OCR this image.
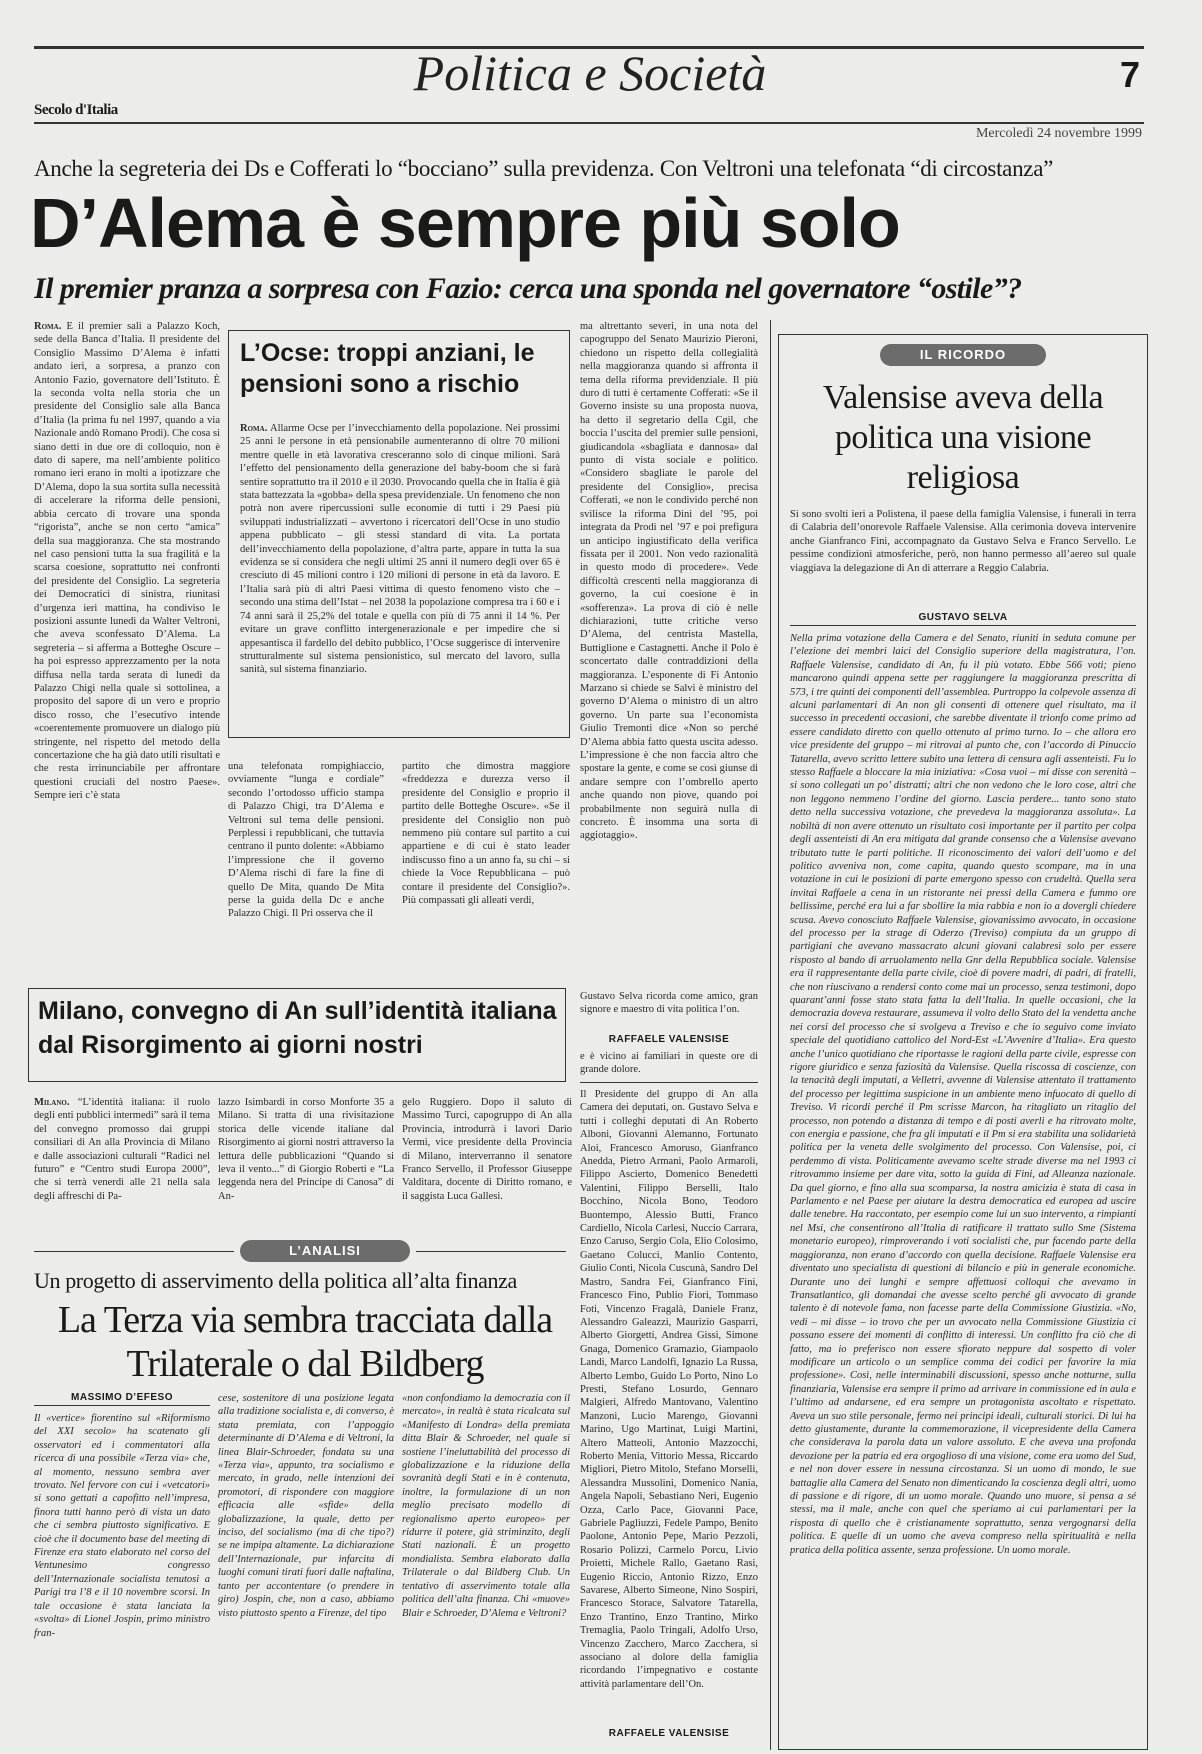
Secolo d'Italia
Politica e Società	7
Mercoledì 24 novembre 1999
Anche la segreteria dei Ds e Cofferati lo “bocciano” sulla previdenza. Con Veltroni una telefonata “di circostanza”
D’Alema è sempre più solo
Il premier pranza a sorpresa con Fazio: cerca una sponda nel governatore “ostile”?
Roma. E il premier sali a Palazzo Koch, sede della Banca d’Italia. Il presidente del Consiglio Massimo D’Alema è infatti andato ieri, a sorpresa, a pranzo con Antonio Fazio, governatore dell’Istituto. È la seconda volta nella storia che un presidente del Consiglio sale alla Banca d’Italia (la prima fu nel 1997, quando a via Nazionale andò Romano Prodi). Che cosa si siano detti in due ore di colloquio, non è dato di sapere, ma nell’ambiente politico romano ieri erano in molti a ipotizzare che D’Alema, dopo la sua sortita sulla necessità di accelerare la riforma delle pensioni, abbia cercato di trovare una sponda “rigorista”, anche se non certo “amica” della sua maggioranza. Che sta mostrando nel caso pensioni tutta la sua fragilità e la scarsa coesione, soprattutto nei confronti del presidente del Consiglio. La segreteria dei Democratici di sinistra, riunitasi d’urgenza ieri mattina, ha condiviso le posizioni assunte lunedì da Walter Veltroni, che aveva sconfessato D’Alema. La segreteria – si afferma a Botteghe Oscure – ha poi espresso apprezzamento per la nota diffusa nella tarda serata di lunedì da Palazzo Chigi nella quale si sottolinea, a proposito del sapore di un vero e proprio disco rosso, che l’esecutivo intende «coerentemente promuovere un dialogo più stringente, nel rispetto del metodo della concertazione che ha già dato utili risultati e che resta irrinunciabile per affrontare questioni cruciali del nostro Paese». Sempre ieri c’è stata
L’Ocse: troppi anziani, le pensioni sono a rischio
Roma. Allarme Ocse per l’invecchiamento della popolazione. Nei prossimi 25 anni le persone in età pensionabile aumenteranno di oltre 70 milioni mentre quelle in età lavorativa cresceranno solo di cinque milioni. Sarà l’effetto del pensionamento della generazione del baby-boom che si farà sentire soprattutto tra il 2010 e il 2030. Provocando quella che in Italia è già stata battezzata la «gobba» della spesa previdenziale. Un fenomeno che non potrà non avere ripercussioni sulle economie di tutti i 29 Paesi più sviluppati industrializzati – avvertono i ricercatori dell’Ocse in uno studio appena pubblicato – gli stessi standard di vita. La portata dell’invecchiamento della popolazione, d’altra parte, appare in tutta la sua evidenza se si considera che negli ultimi 25 anni il numero degli over 65 è cresciuto di 45 milioni contro i 120 milioni di persone in età da lavoro. E l’Italia sarà più di altri Paesi vittima di questo fenomeno visto che – secondo una stima dell’Istat – nel 2038 la popolazione compresa tra i 60 e i 74 anni sarà il 25,2% del totale e quella con più di 75 anni il 14 %. Per evitare un grave conflitto intergenerazionale e per impedire che si appesantisca il fardello del debito pubblico, l’Ocse suggerisce di intervenire strutturalmente sul sistema pensionistico, sul mercato del lavoro, sulla sanità, sul sistema finanziario.
una telefonata rompighiaccio, ovviamente “lunga e cordiale” secondo l’ortodosso ufficio stampa di Palazzo Chigi, tra D’Alema e Veltroni sul tema delle pensioni. Perplessi i repubblicani, che tuttavia centrano il punto dolente: «Abbiamo l’impressione che il governo D’Alema rischi di fare la fine di quello De Mita, quando De Mita perse la guida della Dc e anche Palazzo Chigi. Il Pri osserva che il
partito che dimostra maggiore «freddezza e durezza verso il presidente del Consiglio e proprio il partito delle Botteghe Oscure». «Se il presidente del Consiglio non può nemmeno più contare sul partito a cui appartiene e di cui è stato leader indiscusso fino a un anno fa, su chi – si chiede la Voce Repubblicana – può contare il presidente del Consiglio?». Più compassati gli alleati verdi,
ma altrettanto severi, in una nota del capogruppo del Senato Maurizio Pieroni, chiedono un rispetto della collegialità nella maggioranza quando si affronta il tema della riforma previdenziale. Il più duro di tutti è certamente Cofferati: «Se il Governo insiste su una proposta nuova, ha detto il segretario della Cgil, che boccia l’uscita del premier sulle pensioni, giudicandola «sbagliata e dannosa» dal punto di vista sociale e politico. «Considero sbagliate le parole del presidente del Consiglio», precisa Cofferati, «e non le condivido perché non svilisce la riforma Dini del ’95, poi integrata da Prodi nel ’97 e poi prefigura un anticipo ingiustificato della verifica fissata per il 2001. Non vedo razionalità in questo modo di procedere». Vede difficoltà crescenti nella maggioranza di governo, la cui coesione è in «sofferenza». La prova di ciò è nelle dichiarazioni, tutte critiche verso D’Alema, del centrista Mastella, Buttiglione e Castagnetti. Anche il Polo è sconcertato dalle contraddizioni della maggioranza. L’esponente di Fi Antonio Marzano si chiede se Salvi è ministro del governo D’Alema o ministro di un altro governo. Un parte sua l’economista Giulio Tremonti dice «Non so perché D’Alema abbia fatto questa uscita adesso. L’impressione è che non faccia altro che spostare la gente, e come se così giunse di andare sempre con l’ombrello aperto anche quando non piove, quando poi probabilmente non seguirà nulla di concreto. È insomma una sorta di aggiotaggio».
Milano, convegno di An sull’identità italiana dal Risorgimento ai giorni nostri
Milano. “L’identità italiana: il ruolo degli enti pubblici intermedi” sarà il tema del convegno promosso dai gruppi consiliari di An alla Provincia di Milano e dalle associazioni culturali “Radici nel futuro” e “Centro studi Europa 2000”, che si terrà venerdì alle 21 nella sala degli affreschi di Pa-
lazzo Isimbardi in corso Monforte 35 a Milano. Si tratta di una rivisitazione storica delle vicende italiane dal Risorgimento ai giorni nostri attraverso la lettura delle pubblicazioni “Quando si leva il vento...” di Giorgio Roberti e “La leggenda nera del Principe di Canosa” di An-
gelo Ruggiero. Dopo il saluto di Massimo Turci, capogruppo di An alla Provincia, introdurrà i lavori Dario Vermi, vice presidente della Provincia di Milano, interverranno il senatore Franco Servello, il Professor Giuseppe Valditara, docente di Diritto romano, e il saggista Luca Gallesi.
L’ANALISI
Un progetto di asservimento della politica all’alta finanza
La Terza via sembra tracciata dalla Trilaterale o dal Bildberg
MASSIMO D’EFESO
Il «vertice» fiorentino sul «Riformismo del XXI secolo» ha scatenato gli osservatori ed i commentatori alla ricerca di una possibile «Terza via» che, al momento, nessuno sembra aver trovato. Nel fervore con cui i «vetcatori» si sono gettati a capofitto nell’impresa, finora tutti hanno però di vista un dato che ci sembra piuttosto significativo. E cioè che il documento base del meeting di Firenze era stato elaborato nel corso del Ventunesimo congresso dell’Internazionale socialista tenutosi a Parigi tra l’8 e il 10 novembre scorsi. In tale occasione è stata lanciata la «svolta» di Lionel Jospin, primo ministro fran-
cese, sostenitore di una posizione legata alla tradizione socialista e, di converso, è stata premiata, con l’appoggio determinante di D’Alema e di Veltroni, la linea Blair-Schroeder, fondata su una «Terza via», appunto, tra socialismo e mercato, in grado, nelle intenzioni dei promotori, di rispondere con maggiore efficacia alle «sfide» della globalizzazione, la quale, detto per inciso, del socialismo (ma di che tipo?) se ne impipa altamente. La dichiarazione dell’Internazionale, pur infarcita di luoghi comuni tirati fuori dalle naftalina, tanto per accontentare (o prendere in giro) Jospin, che, non a caso, abbiamo visto piuttosto spento a Firenze, del tipo
«non confondiamo la democrazia con il mercato», in realtà è stata ricalcata sul «Manifesto di Londra» della premiata ditta Blair & Schroeder, nel quale si sostiene l’ineluttabilità del processo di globalizzazione e la riduzione della sovranità degli Stati e in è contenuta, inoltre, la formulazione di un non meglio precisato modello di regionalismo aperto europeo» per ridurre il potere, già striminzito, degli Stati nazionali. È un progetto mondialista. Sembra elaborato dalla Trilaterale o dal Bildberg Club. Un tentativo di asservimento totale alla politica dell’alta finanza. Chi «muove» Blair e Schroeder, D’Alema e Veltroni?
Gustavo Selva ricorda come amico, gran signore e maestro di vita politica l’on.
RAFFAELE VALENSISE
e è vicino ai familiari in queste ore di grande dolore.
Il Presidente del gruppo di An alla Camera dei deputati, on. Gustavo Selva e tutti i colleghi deputati di An Roberto Alboni, Giovanni Alemanno, Fortunato Aloi, Francesco Amoruso, Gianfranco Anedda, Pietro Armani, Paolo Armaroli, Filippo Ascierto, Domenico Benedetti Valentini, Filippo Berselli, Italo Bocchino, Nicola Bono, Teodoro Buontempo, Alessio Butti, Franco Cardiello, Nicola Carlesi, Nuccio Carrara, Enzo Caruso, Sergio Cola, Elio Colosimo, Gaetano Colucci, Manlio Contento, Giulio Conti, Nicola Cuscunà, Sandro Del Mastro, Sandra Fei, Gianfranco Fini, Francesco Fino, Publio Fiori, Tommaso Foti, Vincenzo Fragalà, Daniele Franz, Alessandro Galeazzi, Maurizio Gasparri, Alberto Giorgetti, Andrea Gissi, Simone Gnaga, Domenico Gramazio, Giampaolo Landi, Marco Landolfi, Ignazio La Russa, Alberto Lembo, Guido Lo Porto, Nino Lo Presti, Stefano Losurdo, Gennaro Malgieri, Alfredo Mantovano, Valentino Manzoni, Lucio Marengo, Giovanni Marino, Ugo Martinat, Luigi Martini, Altero Matteoli, Antonio Mazzocchi, Roberto Menia, Vittorio Messa, Riccardo Migliori, Pietro Mitolo, Stefano Morselli, Alessandra Mussolini, Domenico Nania, Angela Napoli, Sebastiano Neri, Eugenio Ozza, Carlo Pace, Giovanni Pace, Gabriele Pagliuzzi, Fedele Pampo, Benito Paolone, Antonio Pepe, Mario Pezzoli, Rosario Polizzi, Carmelo Porcu, Livio Proietti, Michele Rallo, Gaetano Rasi, Eugenio Riccio, Antonio Rizzo, Enzo Savarese, Alberto Simeone, Nino Sospiri, Francesco Storace, Salvatore Tatarella, Enzo Trantino, Enzo Trantino, Mirko Tremaglia, Paolo Tringali, Adolfo Urso, Vincenzo Zacchero, Marco Zacchera, si associano al dolore della famiglia ricordando l’impegnativo e costante attività parlamentare dell’On.
RAFFAELE VALENSISE
IL RICORDO
Valensise aveva della politica una visione religiosa
Si sono svolti ieri a Polistena, il paese della famiglia Valensise, i funerali in terra di Calabria dell’onorevole Raffaele Valensise. Alla cerimonia doveva intervenire anche Gianfranco Fini, accompagnato da Gustavo Selva e Franco Servello. Le pessime condizioni atmosferiche, però, non hanno permesso all’aereo sul quale viaggiava la delegazione di An di atterrare a Reggio Calabria.
GUSTAVO SELVA
Nella prima votazione della Camera e del Senato, riuniti in seduta comune per l’elezione dei membri laici del Consiglio superiore della magistratura, l’on. Raffaele Valensise, candidato di An, fu il più votato. Ebbe 566 voti; pieno mancarono quindi appena sette per raggiungere la maggioranza prescritta di 573, i tre quinti dei componenti dell’assemblea. Purtroppo la colpevole assenza di alcuni parlamentari di An non gli consentì di ottenere quel risultato, ma il successo in precedenti occasioni, che sarebbe diventate il trionfo come primo ad essere candidato diretto con quello ottenuto al primo turno. Io – che allora ero vice presidente del gruppo – mi ritrovai al punto che, con l’accordo di Pinuccio Tatarella, avevo scritto lettere subito una lettera di censura agli assenteisti. Fu lo stesso Raffaele a bloccare la mia iniziativa: «Cosa vuoi – mi disse con serenità – si sono collegati un po’ distratti; altri che non vedono che le loro cose, altri che non leggono nemmeno l’ordine del giorno. Lascia perdere... tanto sono stato detto nella successiva votazione, che prevedeva la maggioranza assoluta». La nobiltà di non avere ottenuto un risultato così importante per il partito per colpa degli assenteisti di An era mitigata dal grande consenso che a Valensise avevano tributato tutte le parti politiche. Il riconoscimento dei valori dell’uomo e del politico avveniva non, come capita, quando questo scompare, ma in una votazione in cui le posizioni di parte emergono spesso con crudeltà. Quella sera invitai Raffaele a cena in un ristorante nei pressi della Camera e fummo ore bellissime, perché era lui a far sbollire la mia rabbia e non io a dovergli chiedere scusa. Avevo conosciuto Raffaele Valensise, giovanissimo avvocato, in occasione del processo per la strage di Oderzo (Treviso) compiuta da un gruppo di partigiani che avevano massacrato alcuni giovani calabresi solo per essere risposto al bando di arruolamento nella Gnr della Repubblica sociale. Valensise era il rappresentante della parte civile, cioè di povere madri, di padri, di fratelli, che non riuscivano a rendersi conto come mai un processo, senza testimoni, dopo quarant’anni fosse stato stata fatta la dell’Italia. In quelle occasioni, che la democrazia doveva restaurare, assumeva il volto dello Stato del la vendetta anche nei corsi del processo che si svolgeva a Treviso e che io seguivo come inviato speciale del quotidiano cattolico del Nord-Est «L’Avvenire d’Italia». Era questo anche l’unico quotidiano che riportasse le ragioni della parte civile, espresse con rigore giuridico e senza faziosità da Valensise. Quella riscossa di coscienze, con la tenacità degli imputati, a Velletri, avvenne di Valensise attentato il trattamento del processo per legittima suspicione in un ambiente meno infuocato di quello di Treviso. Vi ricordi perché il Pm scrisse Marcon, ha ritagliato un ritaglio del processo, non potendo a distanza di tempo e di posti averli e ha ritrovato molte, con energia e passione, che fra gli imputati e il Pm si era stabilita una solidarietà politica per la veneta delle svolgimento del processo. Con Valensise, poi, ci perdemmo di vista. Politicamente avevamo scelte strade diverse ma nel 1993 ci ritrovammo insieme per dare vita, sotto la guida di Fini, ad Alleanza nazionale. Da quel giorno, e fino alla sua scomparsa, la nostra amicizia è stata di casa in Parlamento e nel Paese per aiutare la destra democratica ed europea ad uscire dalle tenebre. Ha raccontato, per esempio come lui un suo intervento, a rimpianti nel Msi, che consentirono all’Italia di ratificare il trattato sullo Sme (Sistema monetario europeo), rimproverando i voti socialisti che, pur facendo parte della maggioranza, non erano d’accordo con quella decisione. Raffaele Valensise era diventato uno specialista di questioni di bilancio e più in generale economiche. Durante uno dei lunghi e sempre affettuosi colloqui che avevamo in Transatlantico, gli domandai che avesse scelto perché gli avvocato di grande talento è di notevole fama, non facesse parte della Commissione Giustizia. «No, vedi – mi disse – io trovo che per un avvocato nella Commissione Giustizia ci possano essere dei momenti di conflitto di interessi. Un conflitto fra ciò che di fatto, ma io preferisco non essere sfiorato neppure dal sospetto di voler modificare un articolo o un semplice comma dei codici per favorire la mia professione». Così, nelle interminabili discussioni, spesso anche notturne, sulla finanziaria, Valensise era sempre il primo ad arrivare in commissione ed in aula e l’ultimo ad andarsene, ed era sempre un protagonista ascoltato e rispettato. Aveva un suo stile personale, fermo nei principi ideali, culturali storici. Di lui ha detto giustamente, durante la commemorazione, il vicepresidente della Camera che considerava la parola data un valore assoluto. E che aveva una profonda devozione per la patria ed era orgoglioso di una visione, come era uomo del Sud, e nel non dover essere in nessuna circostanza. Si un uomo di mondo, le sue battaglie alla Camera del Senato non dimenticando la coscienza degli altri, uomo di passione e di rigore, di un uomo morale. Quando uno muore, si pensa a sé stessi, ma il male, anche con quel che speriamo ai cui parlamentari per la risposta di quello che è cristianamente soprattutto, senza vergognarsi della politica. E quelle di un uomo che aveva compreso nella spiritualità e nella pratica della politica assente, senza professione. Un uomo morale.
